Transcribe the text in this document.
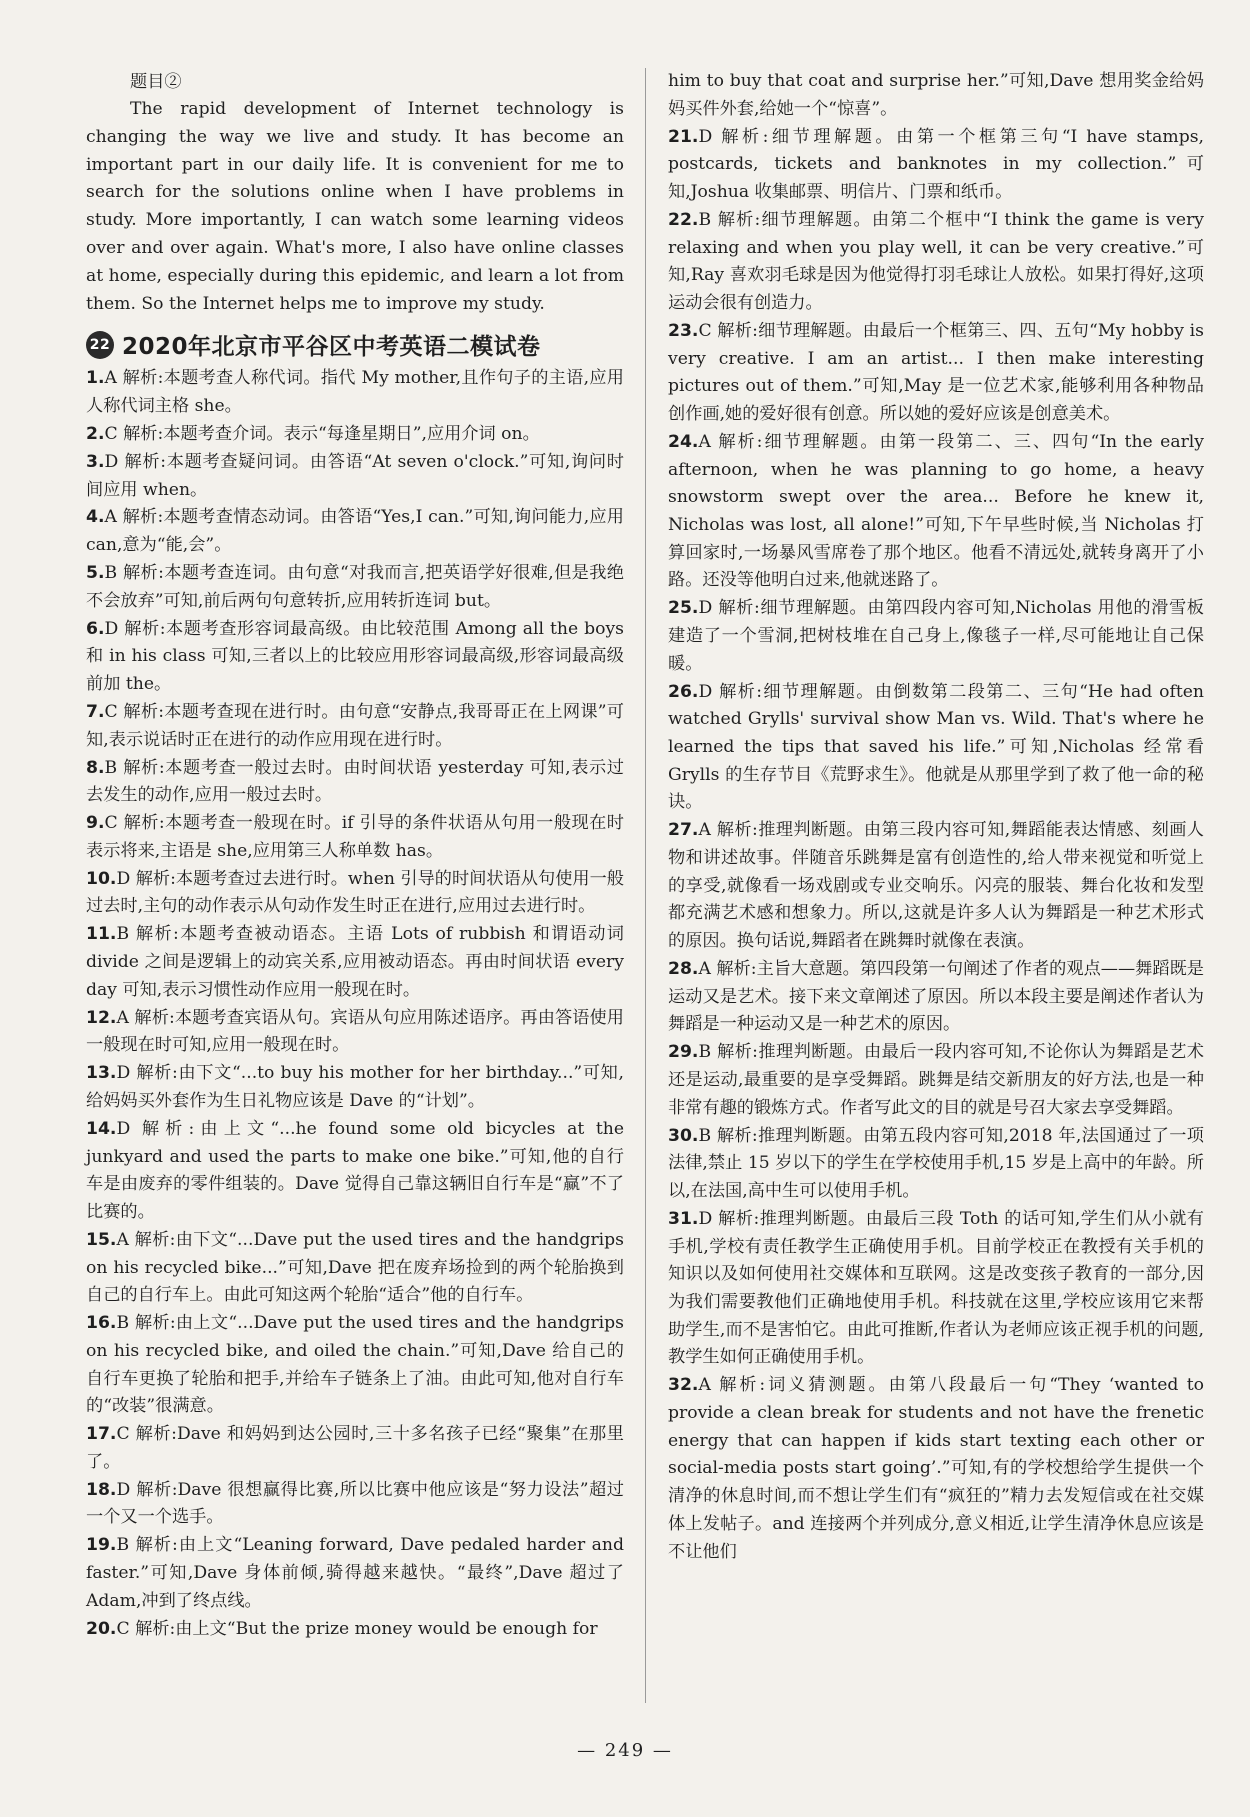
题目②

The rapid development of Internet technology is changing the way we live and study. It has become an important part in our daily life. It is convenient for me to search for the solutions online when I have problems in study. More importantly, I can watch some learning videos over and over again. What's more, I also have online classes at home, especially during this epidemic, and learn a lot from them. So the Internet helps me to improve my study.

22 2020年北京市平谷区中考英语二模试卷

1.A 解析:本题考查人称代词。指代 My mother,且作句子的主语,应用人称代词主格 she。

2.C 解析:本题考查介词。表示“每逢星期日”,应用介词 on。

3.D 解析:本题考查疑问词。由答语“At seven o'clock.”可知,询问时间应用 when。

4.A 解析:本题考查情态动词。由答语“Yes,I can.”可知,询问能力,应用 can,意为“能,会”。

5.B 解析:本题考查连词。由句意“对我而言,把英语学好很难,但是我绝不会放弃”可知,前后两句句意转折,应用转折连词 but。

6.D 解析:本题考查形容词最高级。由比较范围 Among all the boys 和 in his class 可知,三者以上的比较应用形容词最高级,形容词最高级前加 the。

7.C 解析:本题考查现在进行时。由句意“安静点,我哥哥正在上网课”可知,表示说话时正在进行的动作应用现在进行时。

8.B 解析:本题考查一般过去时。由时间状语 yesterday 可知,表示过去发生的动作,应用一般过去时。

9.C 解析:本题考查一般现在时。if 引导的条件状语从句用一般现在时表示将来,主语是 she,应用第三人称单数 has。

10.D 解析:本题考查过去进行时。when 引导的时间状语从句使用一般过去时,主句的动作表示从句动作发生时正在进行,应用过去进行时。

11.B 解析:本题考查被动语态。主语 Lots of rubbish 和谓语动词 divide 之间是逻辑上的动宾关系,应用被动语态。再由时间状语 every day 可知,表示习惯性动作应用一般现在时。

12.A 解析:本题考查宾语从句。宾语从句应用陈述语序。再由答语使用一般现在时可知,应用一般现在时。

13.D 解析:由下文“...to buy his mother for her birthday...”可知,给妈妈买外套作为生日礼物应该是 Dave 的“计划”。

14.D 解析:由上文“...he found some old bicycles at the junkyard and used the parts to make one bike.”可知,他的自行车是由废弃的零件组装的。Dave 觉得自己靠这辆旧自行车是“赢”不了比赛的。

15.A 解析:由下文“...Dave put the used tires and the handgrips on his recycled bike...”可知,Dave 把在废弃场捡到的两个轮胎换到自己的自行车上。由此可知这两个轮胎“适合”他的自行车。

16.B 解析:由上文“...Dave put the used tires and the handgrips on his recycled bike, and oiled the chain.”可知,Dave 给自己的自行车更换了轮胎和把手,并给车子链条上了油。由此可知,他对自行车的“改装”很满意。

17.C 解析:Dave 和妈妈到达公园时,三十多名孩子已经“聚集”在那里了。

18.D 解析:Dave 很想赢得比赛,所以比赛中他应该是“努力设法”超过一个又一个选手。

19.B 解析:由上文“Leaning forward, Dave pedaled harder and faster.”可知,Dave 身体前倾,骑得越来越快。“最终”,Dave 超过了 Adam,冲到了终点线。

20.C 解析:由上文“But the prize money would be enough for

him to buy that coat and surprise her.”可知,Dave 想用奖金给妈妈买件外套,给她一个“惊喜”。

21.D 解析:细节理解题。由第一个框第三句“I have stamps, postcards, tickets and banknotes in my collection.”可知,Joshua 收集邮票、明信片、门票和纸币。

22.B 解析:细节理解题。由第二个框中“I think the game is very relaxing and when you play well, it can be very creative.”可知,Ray 喜欢羽毛球是因为他觉得打羽毛球让人放松。如果打得好,这项运动会很有创造力。

23.C 解析:细节理解题。由最后一个框第三、四、五句“My hobby is very creative. I am an artist... I then make interesting pictures out of them.”可知,May 是一位艺术家,能够利用各种物品创作画,她的爱好很有创意。所以她的爱好应该是创意美术。

24.A 解析:细节理解题。由第一段第二、三、四句“In the early afternoon, when he was planning to go home, a heavy snowstorm swept over the area... Before he knew it, Nicholas was lost, all alone!”可知,下午早些时候,当 Nicholas 打算回家时,一场暴风雪席卷了那个地区。他看不清远处,就转身离开了小路。还没等他明白过来,他就迷路了。

25.D 解析:细节理解题。由第四段内容可知,Nicholas 用他的滑雪板建造了一个雪洞,把树枝堆在自己身上,像毯子一样,尽可能地让自己保暖。

26.D 解析:细节理解题。由倒数第二段第二、三句“He had often watched Grylls' survival show Man vs. Wild. That's where he learned the tips that saved his life.”可知,Nicholas 经常看 Grylls 的生存节目《荒野求生》。他就是从那里学到了救了他一命的秘诀。

27.A 解析:推理判断题。由第三段内容可知,舞蹈能表达情感、刻画人物和讲述故事。伴随音乐跳舞是富有创造性的,给人带来视觉和听觉上的享受,就像看一场戏剧或专业交响乐。闪亮的服装、舞台化妆和发型都充满艺术感和想象力。所以,这就是许多人认为舞蹈是一种艺术形式的原因。换句话说,舞蹈者在跳舞时就像在表演。

28.A 解析:主旨大意题。第四段第一句阐述了作者的观点——舞蹈既是运动又是艺术。接下来文章阐述了原因。所以本段主要是阐述作者认为舞蹈是一种运动又是一种艺术的原因。

29.B 解析:推理判断题。由最后一段内容可知,不论你认为舞蹈是艺术还是运动,最重要的是享受舞蹈。跳舞是结交新朋友的好方法,也是一种非常有趣的锻炼方式。作者写此文的目的就是号召大家去享受舞蹈。

30.B 解析:推理判断题。由第五段内容可知,2018 年,法国通过了一项法律,禁止 15 岁以下的学生在学校使用手机,15 岁是上高中的年龄。所以,在法国,高中生可以使用手机。

31.D 解析:推理判断题。由最后三段 Toth 的话可知,学生们从小就有手机,学校有责任教学生正确使用手机。目前学校正在教授有关手机的知识以及如何使用社交媒体和互联网。这是改变孩子教育的一部分,因为我们需要教他们正确地使用手机。科技就在这里,学校应该用它来帮助学生,而不是害怕它。由此可推断,作者认为老师应该正视手机的问题,教学生如何正确使用手机。

32.A 解析:词义猜测题。由第八段最后一句“They ‘wanted to provide a clean break for students and not have the frenetic energy that can happen if kids start texting each other or social-media posts start going’.”可知,有的学校想给学生提供一个清净的休息时间,而不想让学生们有“疯狂的”精力去发短信或在社交媒体上发帖子。and 连接两个并列成分,意义相近,让学生清净休息应该是不让他们

— 249 —
